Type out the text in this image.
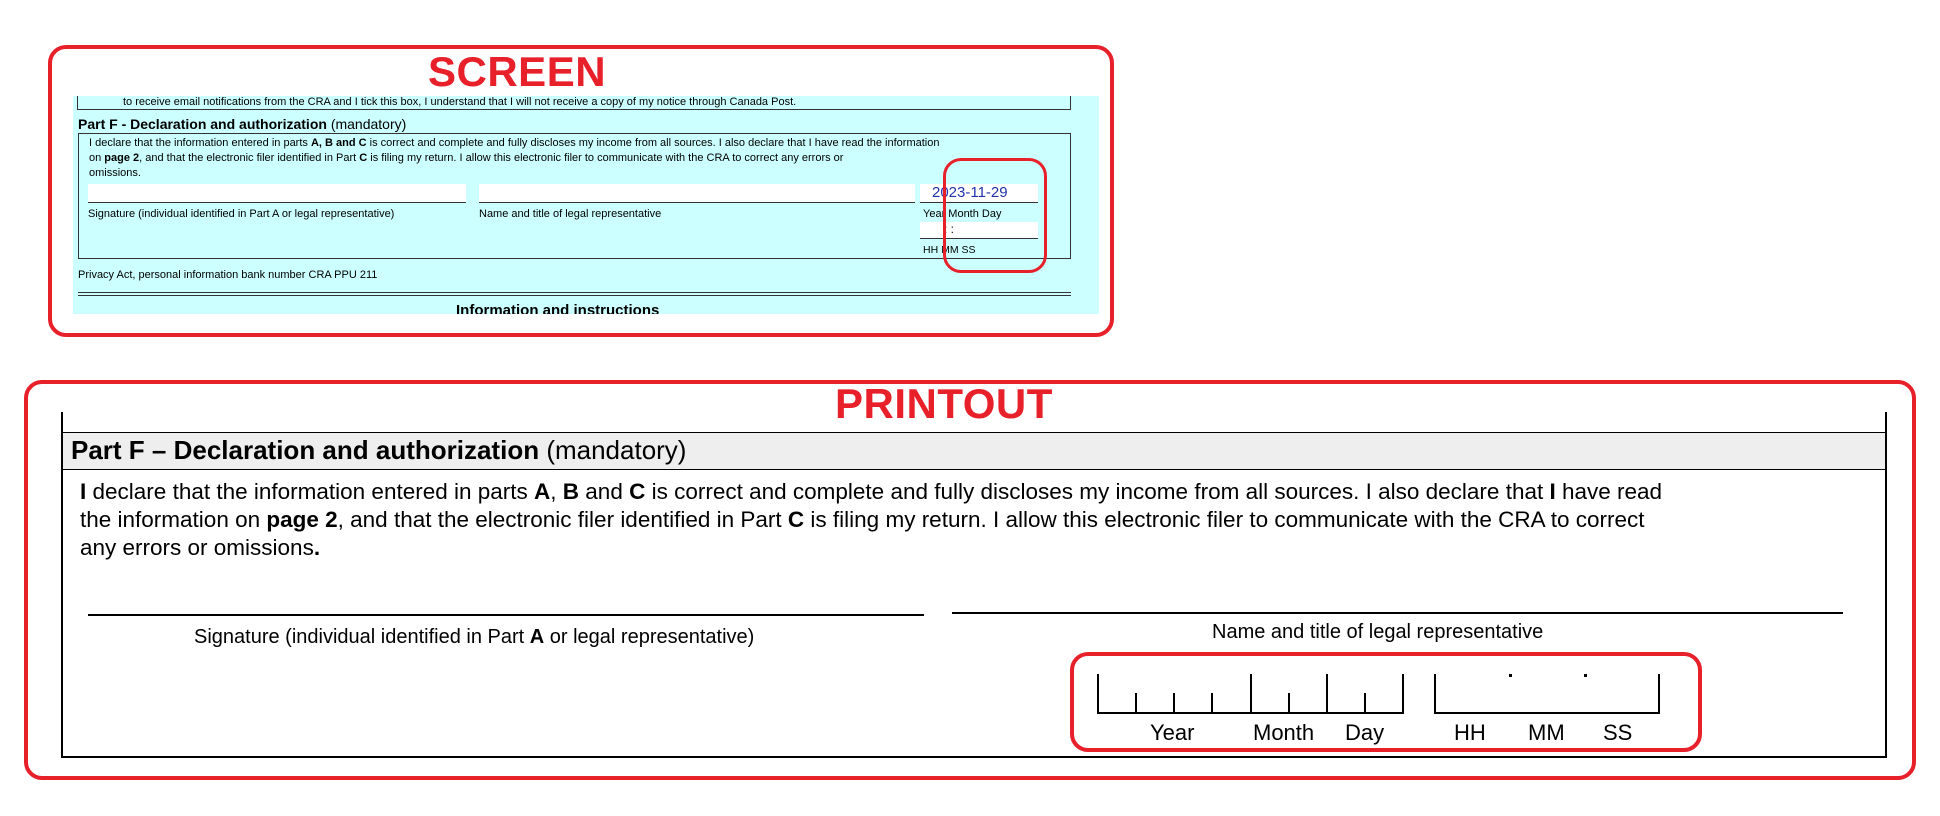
SCREEN
to receive email notifications from the CRA and I tick this box, I understand that I will not receive a copy of my notice through Canada Post.
Part F - Declaration and authorization (mandatory)
I declare that the information entered in parts A, B and C is correct and complete and fully discloses my income from all sources. I also declare that I have read the information
on page 2, and that the electronic filer identified in Part C is filing my return. I allow this electronic filer to communicate with the CRA to correct any errors or
omissions.
Signature (individual identified in Part A or legal representative)	Name and title of legal representative
2023-11-29
Year Month Day
: :
HH MM SS
Privacy Act, personal information bank number CRA PPU 211
Information and instructions
PRINTOUT
Part F – Declaration and authorization (mandatory)
I declare that the information entered in parts A, B and C is correct and complete and fully discloses my income from all sources. I also declare that I have read
the information on page 2, and that the electronic filer identified in Part C is filing my return. I allow this electronic filer to communicate with the CRA to correct
any errors or omissions.
Signature (individual identified in Part A or legal representative)	Name and title of legal representative
Year	Month Day	HH MM SS
